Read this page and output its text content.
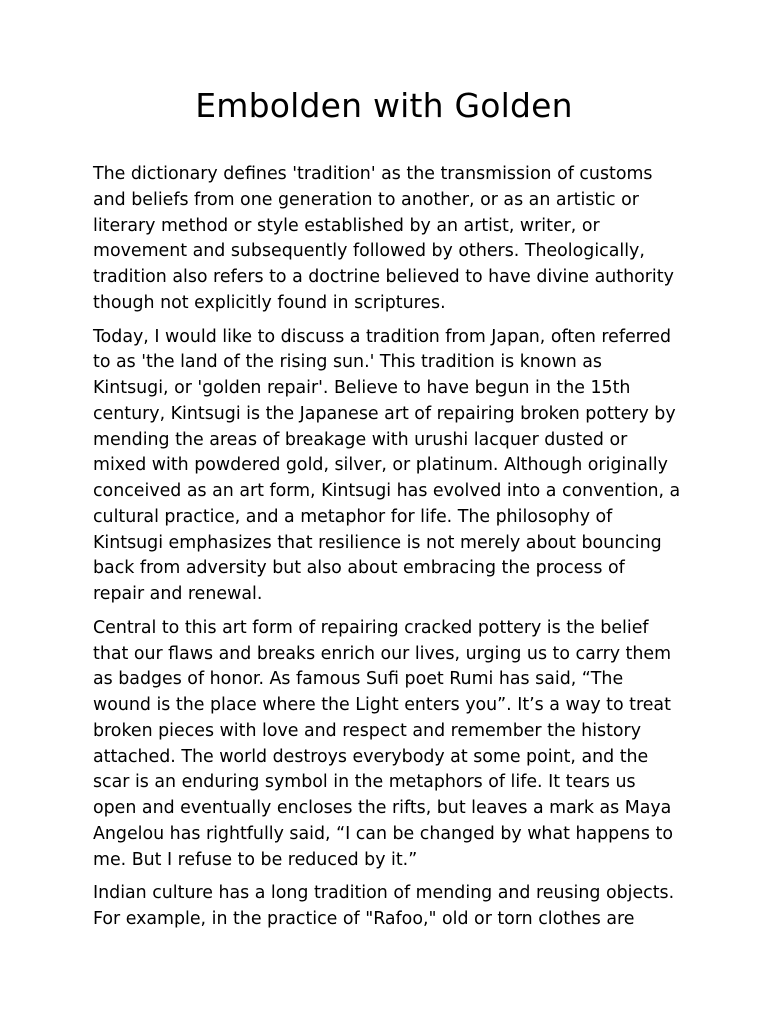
Embolden with Golden

The dictionary defines 'tradition' as the transmission of customs and beliefs from one generation to another, or as an artistic or literary method or style established by an artist, writer, or movement and subsequently followed by others. Theologically, tradition also refers to a doctrine believed to have divine authority though not explicitly found in scriptures.

Today, I would like to discuss a tradition from Japan, often referred to as 'the land of the rising sun.' This tradition is known as Kintsugi, or 'golden repair'. Believe to have begun in the 15th century, Kintsugi is the Japanese art of repairing broken pottery by mending the areas of breakage with urushi lacquer dusted or mixed with powdered gold, silver, or platinum. Although originally conceived as an art form, Kintsugi has evolved into a convention, a cultural practice, and a metaphor for life. The philosophy of Kintsugi emphasizes that resilience is not merely about bouncing back from adversity but also about embracing the process of repair and renewal.

Central to this art form of repairing cracked pottery is the belief that our flaws and breaks enrich our lives, urging us to carry them as badges of honor. As famous Sufi poet Rumi has said, “The wound is the place where the Light enters you”. It’s a way to treat broken pieces with love and respect and remember the history attached. The world destroys everybody at some point, and the scar is an enduring symbol in the metaphors of life. It tears us open and eventually encloses the rifts, but leaves a mark as Maya Angelou has rightfully said, “I can be changed by what happens to me. But I refuse to be reduced by it.”

Indian culture has a long tradition of mending and reusing objects. For example, in the practice of "Rafoo," old or torn clothes are
